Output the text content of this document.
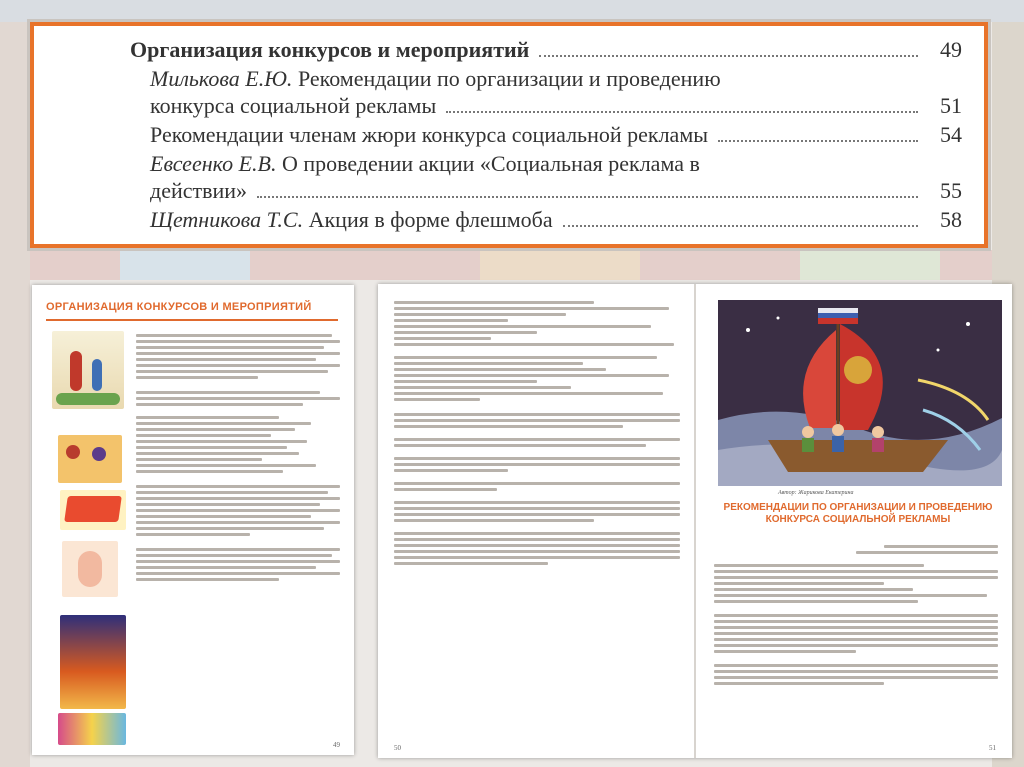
Организация конкурсов и мероприятий	49
Милькова Е.Ю. Рекомендации по организации и проведению
конкурса социальной рекламы	51
Рекомендации членам жюри конкурса социальной рекламы	54
Евсеенко Е.В. О проведении акции «Социальная реклама в
действии»	55
Щетникова Т.С. Акция в форме флешмоба	58
ОРГАНИЗАЦИЯ КОНКУРСОВ И МЕРОПРИЯТИЙ
49	50
Автор: Жарикова Екатерина
РЕКОМЕНДАЦИИ ПО ОРГАНИЗАЦИИ И ПРОВЕДЕНИЮ КОНКУРСА СОЦИАЛЬНОЙ РЕКЛАМЫ
51
